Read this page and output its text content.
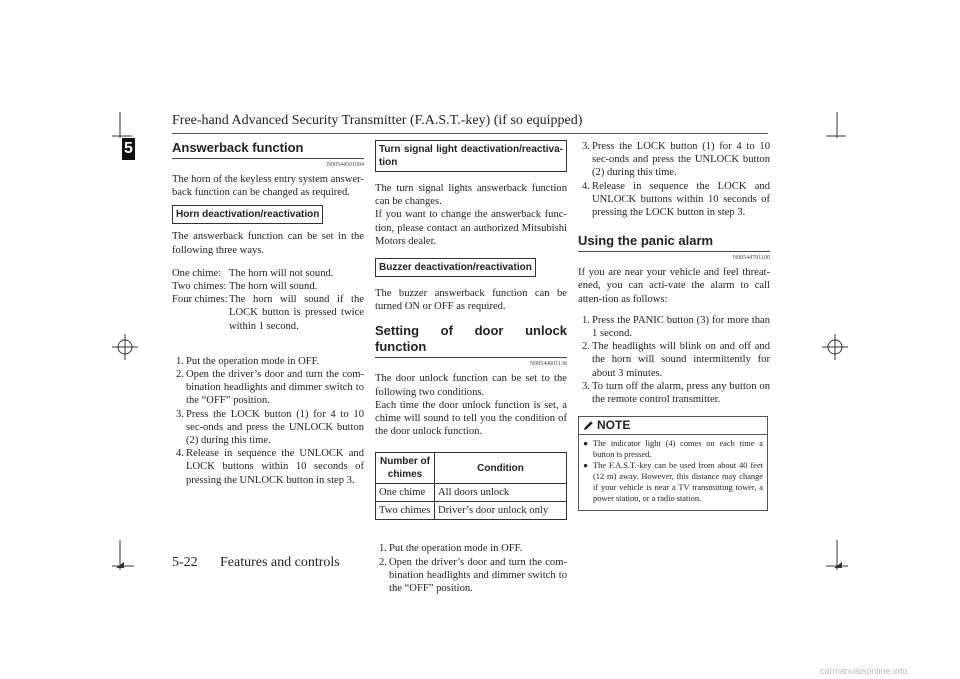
Free-hand Advanced Security Transmitter (F.A.S.T.-key) (if so equipped)
5	Answerback function

N00544501094

The horn of the keyless entry system answer-back function can be changed as required.

Horn deactivation/reactivation

The answerback function can be set in the following three ways.

One chime: The horn will not sound.
Two chimes: The horn will sound.
Four chimes: The horn will sound if the LOCK button is pressed twice within 1 second.
1. Put the operation mode in OFF.
2. Open the driver’s door and turn the com-bination headlights and dimmer switch to the “OFF” position.
3. Press the LOCK button (1) for 4 to 10 sec-onds and press the UNLOCK button (2) during this time.
4. Release in sequence the UNLOCK and LOCK buttons within 10 seconds of pressing the UNLOCK button in step 3.
Turn signal light deactivation/reactiva-tion

The turn signal lights answerback function can be changes.

If you want to change the answerback func-tion, please contact an authorized Mitsubishi Motors dealer.

Buzzer deactivation/reactivation

The buzzer answerback function can be turned ON or OFF as required.

Setting of door unlock function

N00544601138

The door unlock function can be set to the following two conditions.

Each time the door unlock function is set, a chime will sound to tell you the condition of the door unlock function.

Number of chimes	Condition
One chime	All doors unlock
Two chimes	Driver’s door unlock only
1. Put the operation mode in OFF.
2. Open the driver’s door and turn the com-bination headlights and dimmer switch to the “OFF” position.
3. Press the LOCK button (1) for 4 to 10 sec-onds and press the UNLOCK button (2) during this time.
4. Release in sequence the LOCK and UNLOCK buttons within 10 seconds of pressing the LOCK button in step 3.

Using the panic alarm

N00544701100

If you are near your vehicle and feel threat-ened, you can acti-vate the alarm to call atten-tion as follows:

1. Press the PANIC button (3) for more than 1 second.
2. The headlights will blink on and off and the horn will sound intermittently for about 3 minutes.
3. To turn off the alarm, press any button on the remote control transmitter.
NOTE
● The indicator light (4) comes on each time a button is pressed.
● The F.A.S.T.-key can be used from about 40 feet (12 m) away. However, this distance may change if your vehicle is near a TV transmitting tower, a power station, or a radio station.
5-22 Features and controls
carmanualsonline.info
